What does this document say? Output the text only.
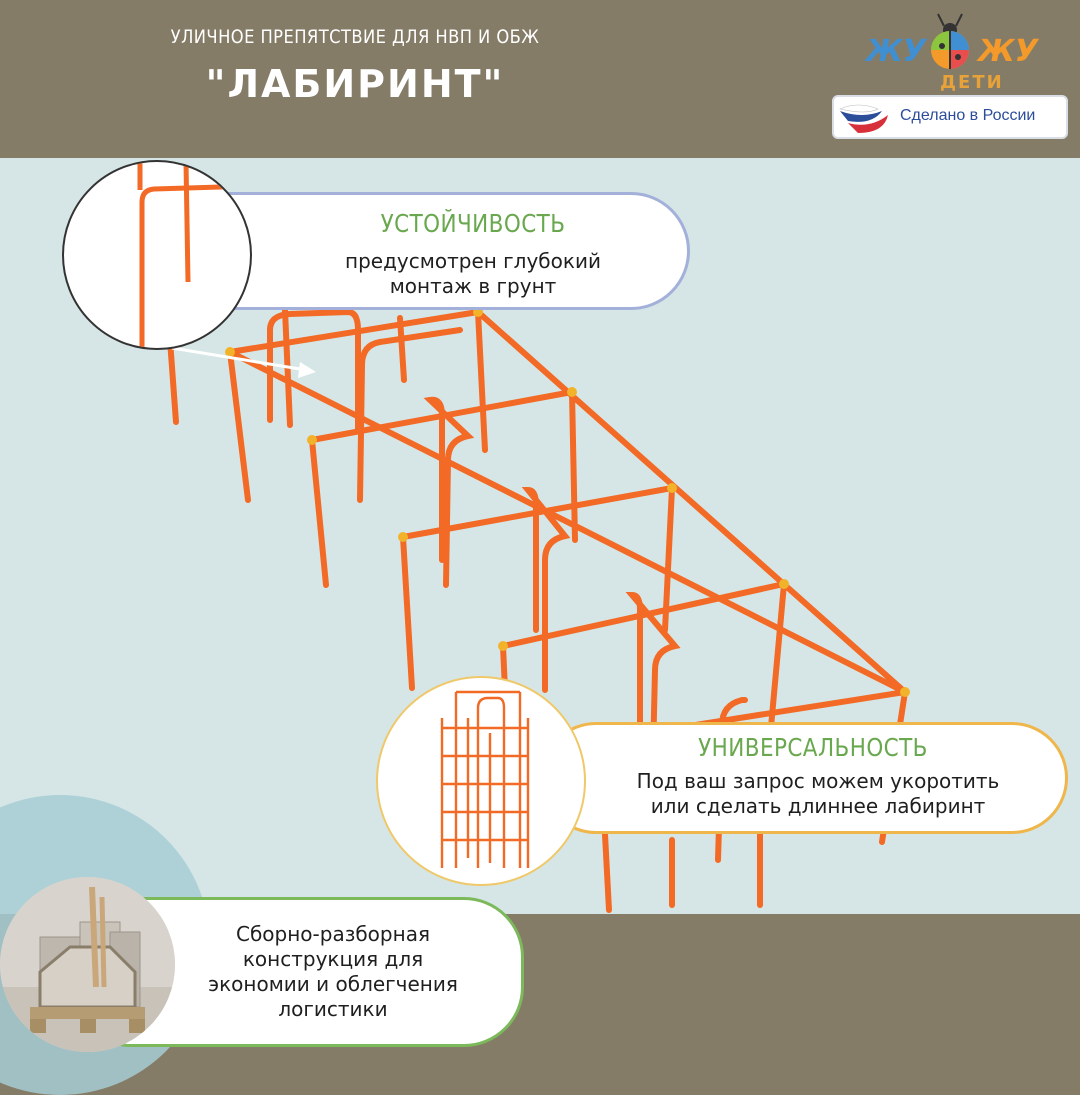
УЛИЧНОЕ ПРЕПЯТСТВИЕ ДЛЯ НВП И ОБЖ
"ЛАБИРИНТ"
ЖУ ЖУ
ДЕТИ
Сделано в России
УСТОЙЧИВОСТЬ
предусмотрен глубокий
монтаж в грунт
УНИВЕРСАЛЬНОСТЬ
Под ваш запрос можем укоротить
или сделать длиннее лабиринт
Сборно-разборная
конструкция для
экономии и облегчения
логистики
